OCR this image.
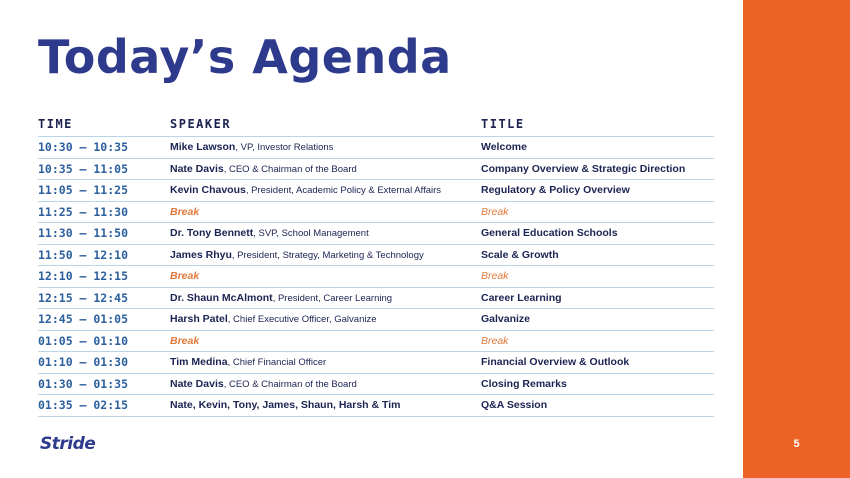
5
Today’s Agenda
TIME	SPEAKER	TITLE
10:30 – 10:35	Mike Lawson, VP, Investor Relations	Welcome
10:35 – 11:05	Nate Davis, CEO & Chairman of the Board	Company Overview & Strategic Direction
11:05 – 11:25	Kevin Chavous, President, Academic Policy & External Affairs	Regulatory & Policy Overview
11:25 – 11:30	Break	Break
11:30 – 11:50	Dr. Tony Bennett, SVP, School Management	General Education Schools
11:50 – 12:10	James Rhyu, President, Strategy, Marketing & Technology	Scale & Growth
12:10 – 12:15	Break	Break
12:15 – 12:45	Dr. Shaun McAlmont, President, Career Learning	Career Learning
12:45 – 01:05	Harsh Patel, Chief Executive Officer, Galvanize	Galvanize
01:05 – 01:10	Break	Break
01:10 – 01:30	Tim Medina, Chief Financial Officer	Financial Overview & Outlook
01:30 – 01:35	Nate Davis, CEO & Chairman of the Board	Closing Remarks
01:35 – 02:15	Nate, Kevin, Tony, James, Shaun, Harsh & Tim	Q&A Session
Stride
